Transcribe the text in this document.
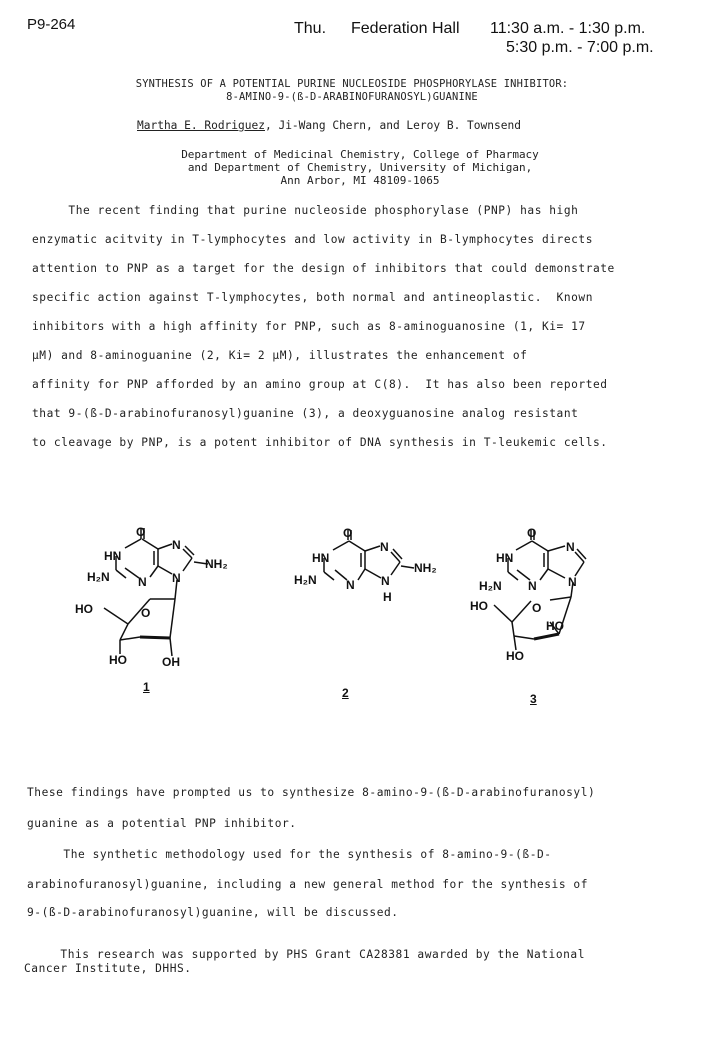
P9-264	Thu. Federation Hall 11:30 a.m. - 1:30 p.m.
5:30 p.m. - 7:00 p.m.
SYNTHESIS OF A POTENTIAL PURINE NUCLEOSIDE PHOSPHORYLASE INHIBITOR:
8-AMINO-9-(ß-D-ARABINOFURANOSYL)GUANINE
Martha E. Rodriguez, Ji-Wang Chern, and Leroy B. Townsend
Department of Medicinal Chemistry, College of Pharmacy
and Department of Chemistry, University of Michigan,
Ann Arbor, MI 48109-1065
The recent finding that purine nucleoside phosphorylase (PNP) has high
enzymatic acitvity in T-lymphocytes and low activity in B-lymphocytes directs
attention to PNP as a target for the design of inhibitors that could demonstrate
specific action against T-lymphocytes, both normal and antineoplastic.  Known
inhibitors with a high affinity for PNP, such as 8-aminoguanosine (1, Ki= 17
µM) and 8-aminoguanine (2, Ki= 2 µM), illustrates the enhancement of
affinity for PNP afforded by an amino group at C(8).  It has also been reported
that 9-(ß-D-arabinofuranosyl)guanine (3), a deoxyguanosine analog resistant
to cleavage by PNP, is a potent inhibitor of DNA synthesis in T-leukemic cells.
O
HN
N
H₂N N N
NH₂
O
HO
HO	OH
O
HN
N
H₂N N N
H
NH₂
O
HN
N
H₂N N	N
O
HO
HO
HO
1	2	3
These findings have prompted us to synthesize 8-amino-9-(ß-D-arabinofuranosyl)
guanine as a potential PNP inhibitor.
The synthetic methodology used for the synthesis of 8-amino-9-(ß-D-
arabinofuranosyl)guanine, including a new general method for the synthesis of
9-(ß-D-arabinofuranosyl)guanine, will be discussed.
This research was supported by PHS Grant CA28381 awarded by the National
Cancer Institute, DHHS.
